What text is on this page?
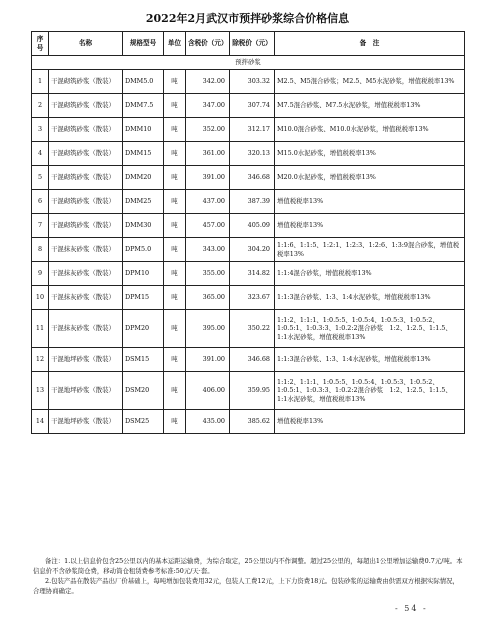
2022年2月武汉市预拌砂浆综合价格信息
序号	名称	规格型号	单位	含税价（元）	除税价（元）	备　注
预拌砂浆						
1	干混砌筑砂浆（散装）	DMM5.0	吨	342.00	303.32	M2.5、M5混合砂浆；M2.5、M5水泥砂浆，增值税税率13%
2	干混砌筑砂浆（散装）	DMM7.5	吨	347.00	307.74	M7.5混合砂浆、M7.5水泥砂浆，增值税税率13%
3	干混砌筑砂浆（散装）	DMM10	吨	352.00	312.17	M10.0混合砂浆、M10.0水泥砂浆，增值税税率13%
4	干混砌筑砂浆（散装）	DMM15	吨	361.00	320.13	M15.0水泥砂浆，增值税税率13%
5	干混砌筑砂浆（散装）	DMM20	吨	391.00	346.68	M20.0水泥砂浆，增值税税率13%
6	干混砌筑砂浆（散装）	DMM25	吨	437.00	387.39	增值税税率13%
7	干混砌筑砂浆（散装）	DMM30	吨	457.00	405.09	增值税税率13%
8	干混抹灰砂浆（散装）	DPM5.0	吨	343.00	304.20	1:1:6、1:1:5、1:2:1、1:2:3、1:2:6、1:3:9混合砂浆，增值税税率13%
9	干混抹灰砂浆（散装）	DPM10	吨	355.00	314.82	1:1:4混合砂浆，增值税税率13%
10	干混抹灰砂浆（散装）	DPM15	吨	365.00	323.67	1:1:3混合砂浆、1:3、1:4水泥砂浆，增值税税率13%
11	干混抹灰砂浆（散装）	DPM20	吨	395.00	350.22	1:1:2、1:1:1、1:0.5:5、1:0.5:4、1:0.5:3、1:0.5:2、1:0.5:1、1:0.3:3、1:0.2:2混合砂浆　1:2、1:2.5、1:1.5、1:1水泥砂浆，增值税税率13%
12	干混地坪砂浆（散装）	DSM15	吨	391.00	346.68	1:1:3混合砂浆、1:3、1:4水泥砂浆，增值税税率13%
13	干混地坪砂浆（散装）	DSM20	吨	406.00	359.95	1:1:2、1:1:1、1:0.5:5、1:0.5:4、1:0.5:3、1:0.5:2、1:0.5:1、1:0.3:3、1:0.2:2混合砂浆　1:2、1:2.5、1:1.5、1:1水泥砂浆，增值税税率13%
14	干混地坪砂浆（散装）	DSM25	吨	435.00	385.62	增值税税率13%

备注：1.以上信息价包含25公里以内的基本运距运输费，为综合取定，25公里以内不作调整。超过25公里的，每超出1公里增加运输费0.7元/吨。本信息价不含砂浆筒仓费，移动筒仓租赁费参考标准:50元/天·套。

2.包装产品在散装产品出厂价基础上，每吨增加包装费用32元，包装人工费12元，上下力资费18元。包装砂浆的运输费由供需双方根据实际情况，合理协商确定。

- 54 -
